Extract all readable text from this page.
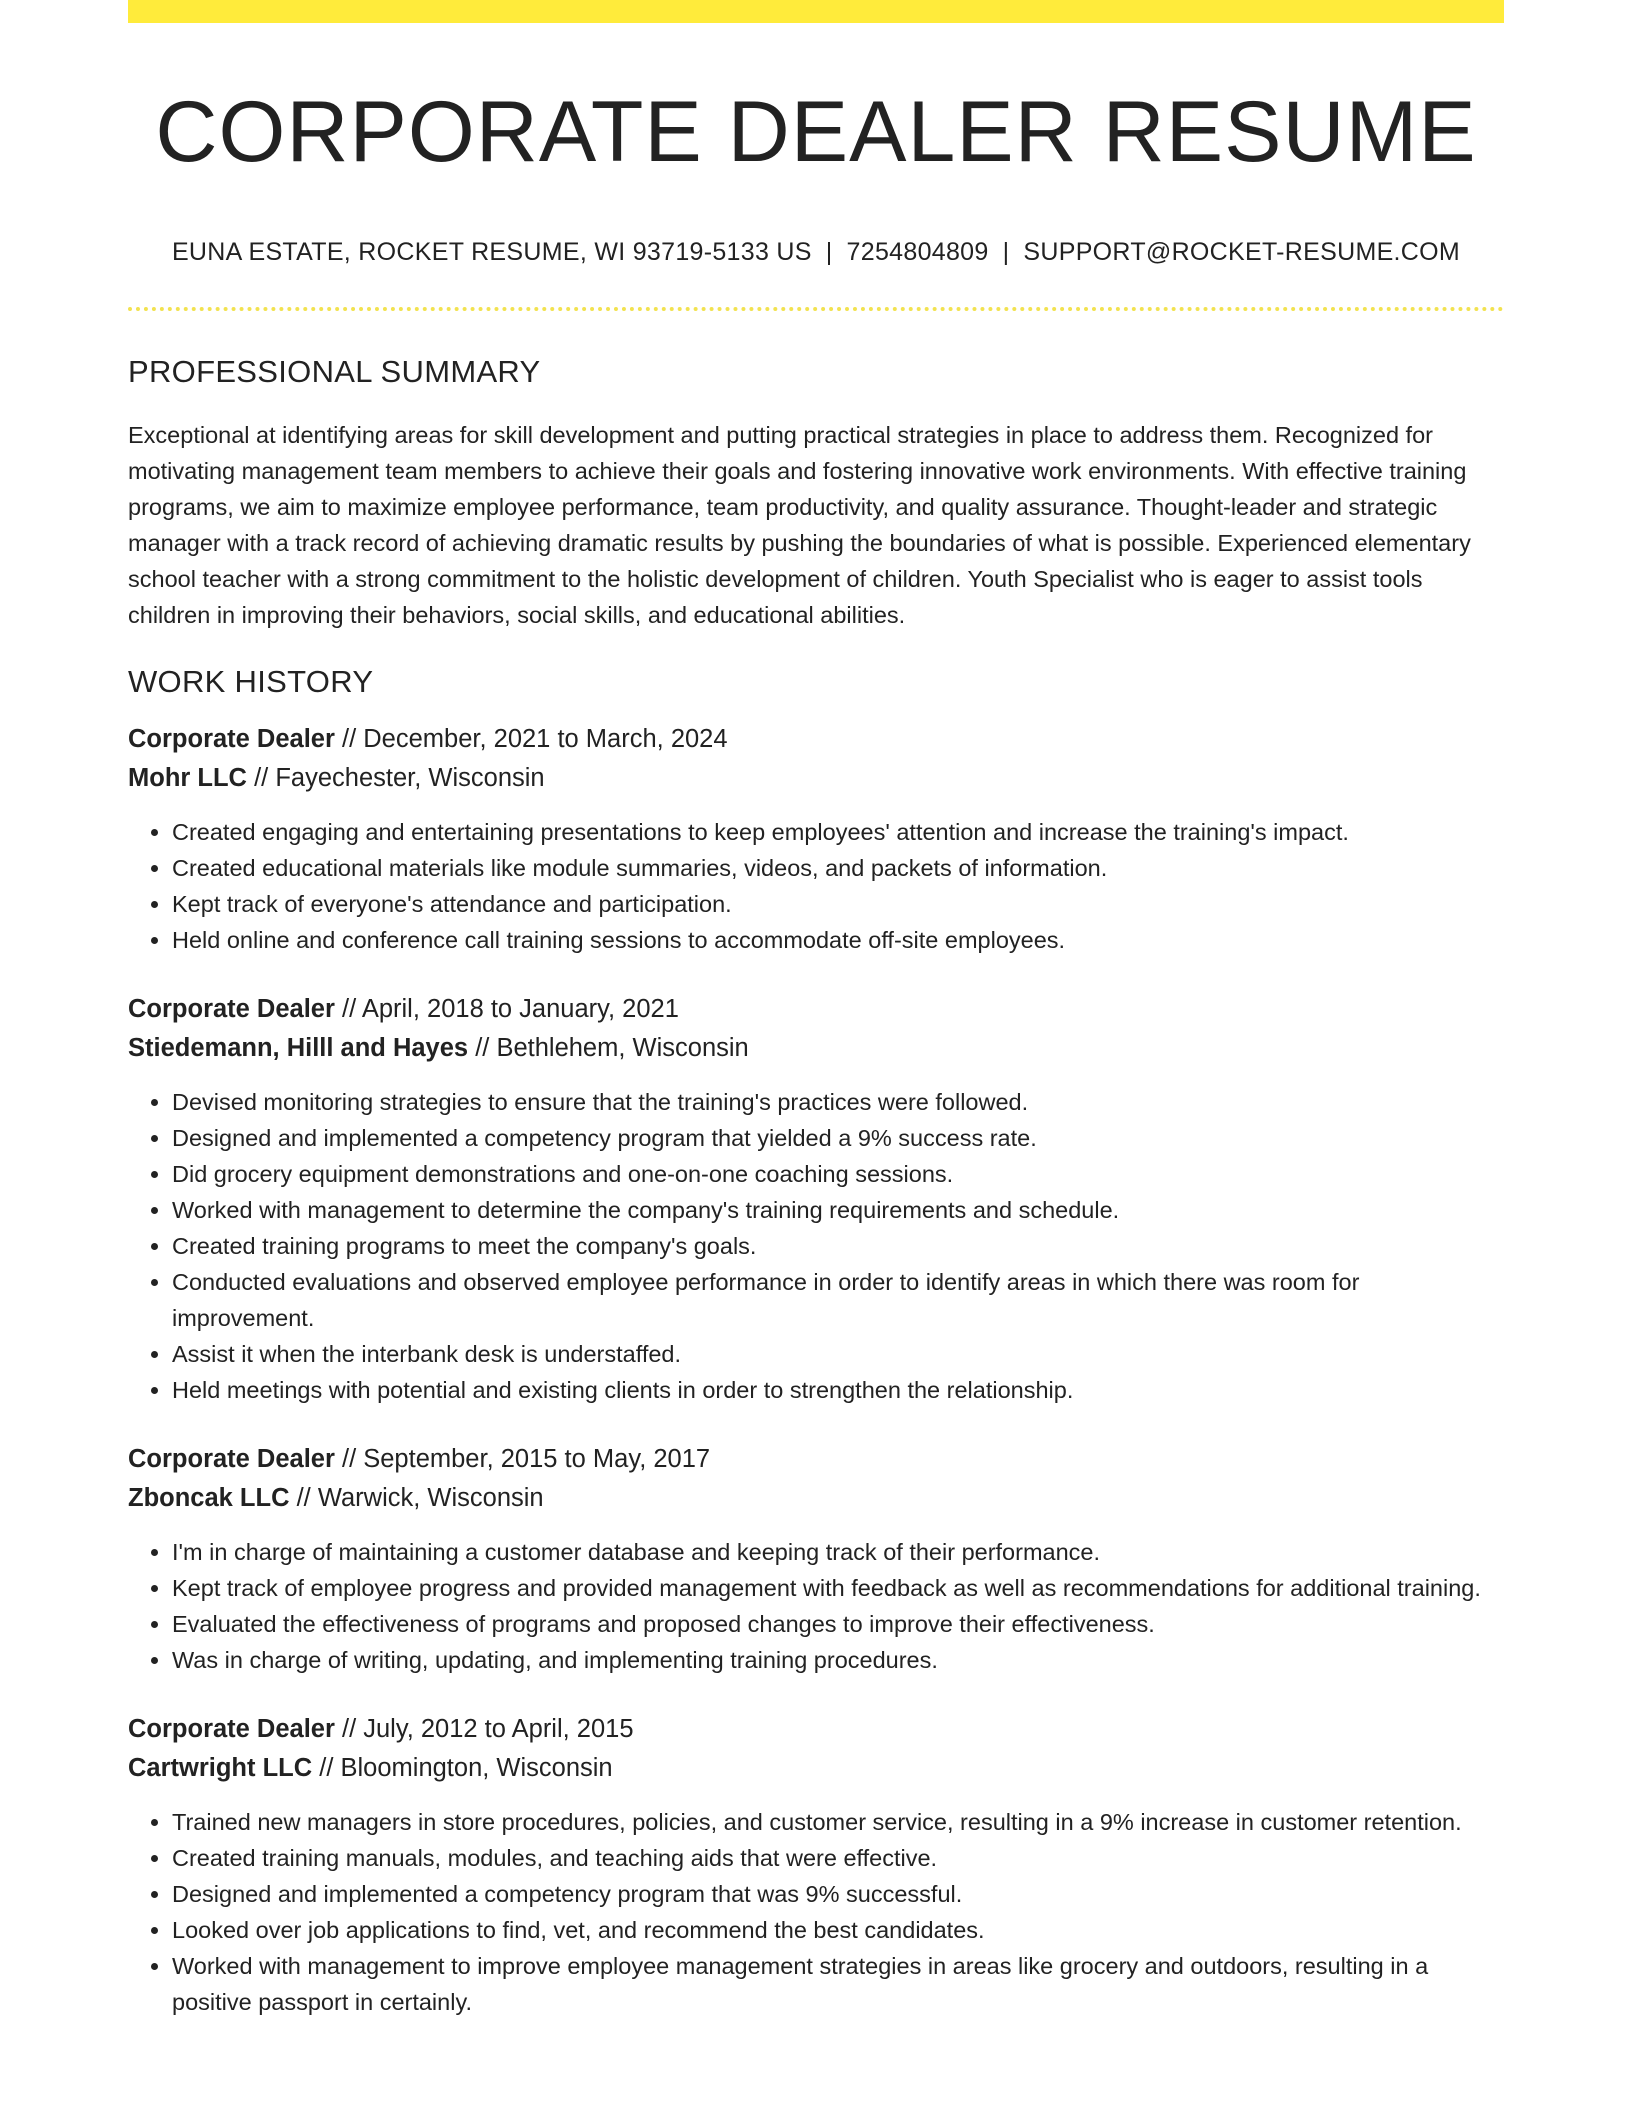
CORPORATE DEALER RESUME
EUNA ESTATE, ROCKET RESUME, WI 93719-5133 US | 7254804809 | SUPPORT@ROCKET-RESUME.COM
PROFESSIONAL SUMMARY
Exceptional at identifying areas for skill development and putting practical strategies in place to address them. Recognized for motivating management team members to achieve their goals and fostering innovative work environments. With effective training programs, we aim to maximize employee performance, team productivity, and quality assurance. Thought-leader and strategic manager with a track record of achieving dramatic results by pushing the boundaries of what is possible. Experienced elementary school teacher with a strong commitment to the holistic development of children. Youth Specialist who is eager to assist tools children in improving their behaviors, social skills, and educational abilities.
WORK HISTORY
Corporate Dealer // December, 2021 to March, 2024
Mohr LLC // Fayechester, Wisconsin
• Created engaging and entertaining presentations to keep employees' attention and increase the training's impact.
• Created educational materials like module summaries, videos, and packets of information.
• Kept track of everyone's attendance and participation.
• Held online and conference call training sessions to accommodate off-site employees.
Corporate Dealer // April, 2018 to January, 2021
Stiedemann, Hilll and Hayes // Bethlehem, Wisconsin
• Devised monitoring strategies to ensure that the training's practices were followed.
• Designed and implemented a competency program that yielded a 9% success rate.
• Did grocery equipment demonstrations and one-on-one coaching sessions.
• Worked with management to determine the company's training requirements and schedule.
• Created training programs to meet the company's goals.
• Conducted evaluations and observed employee performance in order to identify areas in which there was room for improvement.
• Assist it when the interbank desk is understaffed.
• Held meetings with potential and existing clients in order to strengthen the relationship.
Corporate Dealer // September, 2015 to May, 2017
Zboncak LLC // Warwick, Wisconsin
• I'm in charge of maintaining a customer database and keeping track of their performance.
• Kept track of employee progress and provided management with feedback as well as recommendations for additional training.
• Evaluated the effectiveness of programs and proposed changes to improve their effectiveness.
• Was in charge of writing, updating, and implementing training procedures.
Corporate Dealer // July, 2012 to April, 2015
Cartwright LLC // Bloomington, Wisconsin
• Trained new managers in store procedures, policies, and customer service, resulting in a 9% increase in customer retention.
• Created training manuals, modules, and teaching aids that were effective.
• Designed and implemented a competency program that was 9% successful.
• Looked over job applications to find, vet, and recommend the best candidates.
• Worked with management to improve employee management strategies in areas like grocery and outdoors, resulting in a positive passport in certainly.
